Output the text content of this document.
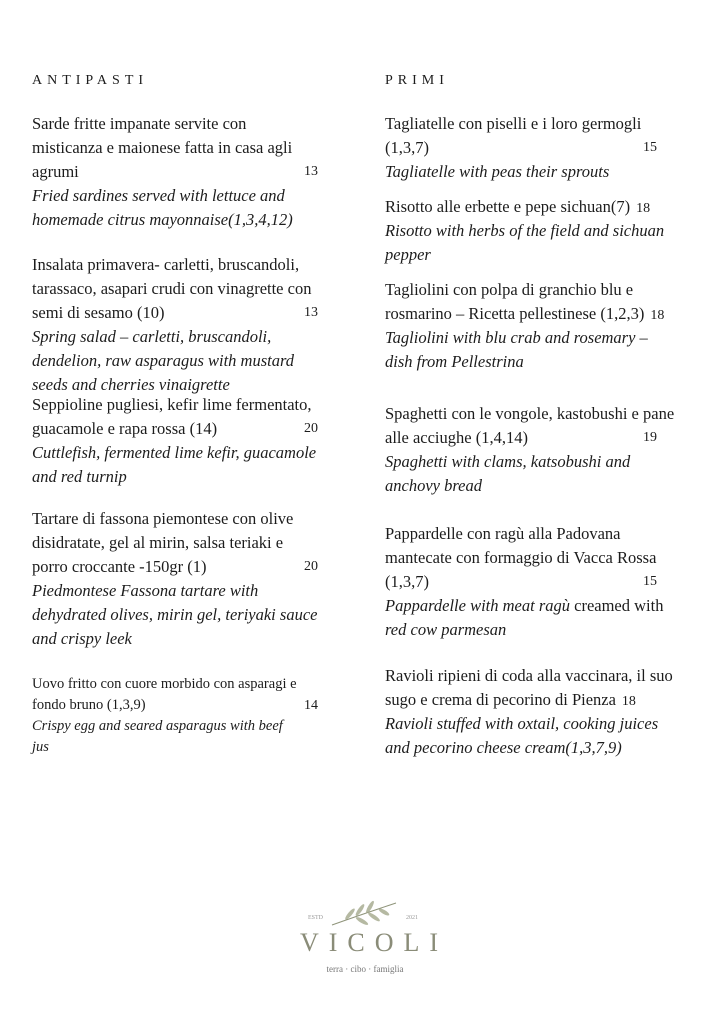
ANTIPASTI	PRIMI
Sarde fritte impanate servite con
misticanza e maionese fatta in casa agli
agrumi	13
Fried sardines served with lettuce and
homemade citrus mayonnaise(1,3,4,12)
Insalata primavera- carletti, bruscandoli,
tarassaco, asapari crudi con vinagrette con
semi di sesamo (10)	13
Spring salad – carletti, bruscandoli,
dendelion, raw asparagus with mustard
seeds and cherries vinaigrette
Seppioline pugliesi, kefir lime fermentato,
guacamole e rapa rossa (14)	20
Cuttlefish, fermented lime kefir, guacamole
and red turnip
Tartare di fassona piemontese con olive
disidratate, gel al mirin, salsa teriaki e
porro croccante -150gr (1)	20
Piedmontese Fassona tartare with
dehydrated olives, mirin gel, teriyaki sauce
and crispy leek
Uovo fritto con cuore morbido con asparagi e
fondo bruno (1,3,9)	14
Crispy egg and seared asparagus with beef
jus
Tagliatelle con piselli e i loro germogli
(1,3,7)	15
Tagliatelle with peas their sprouts
Risotto alle erbette e pepe sichuan(7) 18
Risotto with herbs of the field and sichuan
pepper
Tagliolini con polpa di granchio blu e
rosmarino – Ricetta pellestinese (1,2,3) 18
Tagliolini with blu crab and rosemary –
dish from Pellestrina
Spaghetti con le vongole, kastobushi e pane
alle acciughe (1,4,14)	19
Spaghetti with clams, katsobushi and
anchovy bread
Pappardelle con ragù alla Padovana
mantecate con formaggio di Vacca Rossa
(1,3,7)	15
Pappardelle with meat ragù creamed with
red cow parmesan
Ravioli ripieni di coda alla vaccinara, il suo
sugo e crema di pecorino di Pienza 18
Ravioli stuffed with oxtail, cooking juices
and pecorino cheese cream(1,3,7,9)
ESTD	2021
VICOLI
terra · cibo · famiglia
